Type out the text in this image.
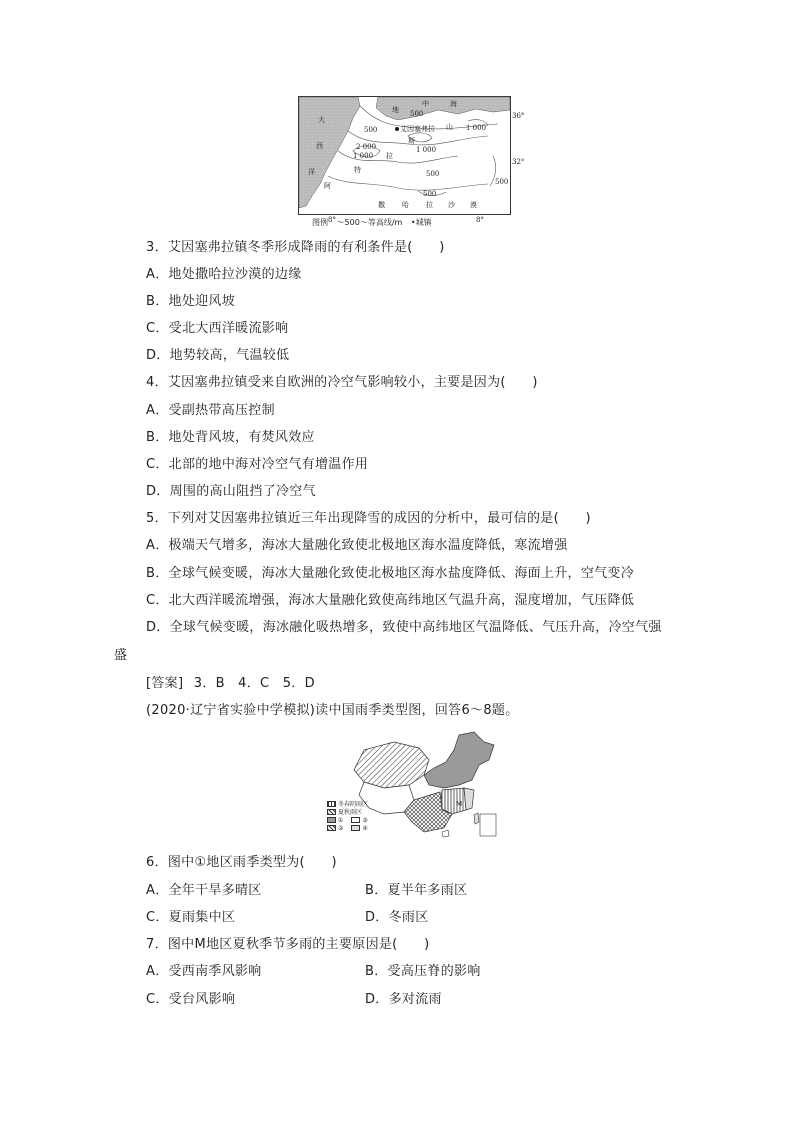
大
西
洋
地
中	海
山
斯
拉
特
阿
撒 哈 拉 沙 漠
艾因塞弗拉
500
500
500
500
500
1 000
1 000
1 000
2 000
36°
32°
8°	8°
图例 ～500～等高线/m •城镇
3．艾因塞弗拉镇冬季形成降雨的有利条件是(　　)
A．地处撒哈拉沙漠的边缘
B．地处迎风坡
C．受北大西洋暖流影响
D．地势较高，气温较低
4．艾因塞弗拉镇受来自欧洲的冷空气影响较小，主要是因为(　　)
A．受副热带高压控制
B．地处背风坡，有焚风效应
C．北部的地中海对冷空气有增温作用
D．周围的高山阻挡了冷空气
5．下列对艾因塞弗拉镇近三年出现降雪的成因的分析中，最可信的是(　　)
A．极端天气增多，海冰大量融化致使北极地区海水温度降低，寒流增强
B．全球气候变暖，海冰大量融化致使北极地区海水盐度降低、海面上升，空气变冷
C．北大西洋暖流增强，海冰大量融化致使高纬地区气温升高，湿度增加，气压降低
D．全球气候变暖，海冰融化吸热增多，致使中高纬地区气温降低、气压升高，冷空气强
盛
[答案] 3．B　4．C　5．D
(2020·辽宁省实验中学模拟)读中国雨季类型图，回答6～8题。
M
冬春阴雨区
夏秋雨区
①	③
②	④
6．图中①地区雨季类型为(　　)
A．全年干旱多晴区	B．夏半年多雨区
C．夏雨集中区	D．冬雨区
7．图中M地区夏秋季节多雨的主要原因是(　　)
A．受西南季风影响	B．受高压脊的影响
C．受台风影响	D．多对流雨
